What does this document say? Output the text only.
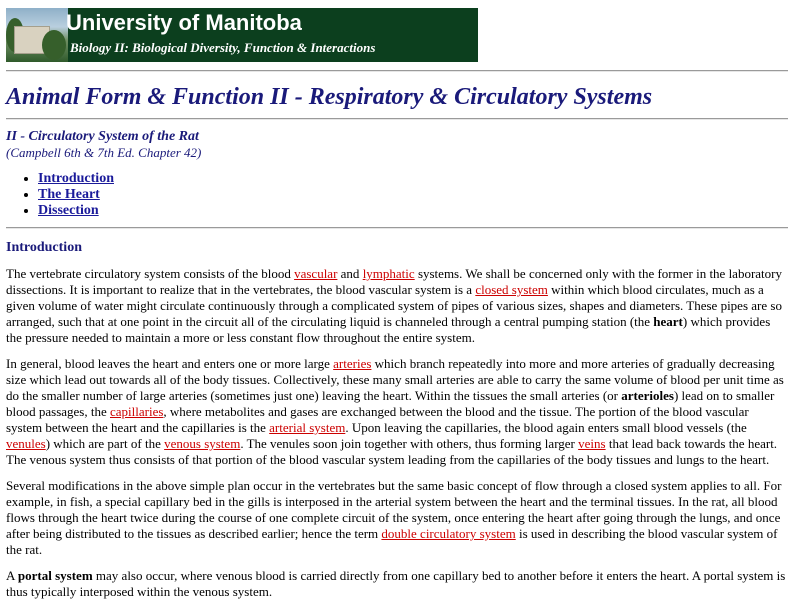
University of Manitoba
Biology II: Biological Diversity, Function & Interactions
Animal Form & Function II - Respiratory & Circulatory Systems
II - Circulatory System of the Rat
(Campbell 6th & 7th Ed. Chapter 42)
• Introduction
• The Heart
• Dissection
Introduction

The vertebrate circulatory system consists of the blood vascular and lymphatic systems. We shall be concerned only with the former in the laboratory dissections. It is important to realize that in the vertebrates, the blood vascular system is a closed system within which blood circulates, much as a given volume of water might circulate continuously through a complicated system of pipes of various sizes, shapes and diameters. These pipes are so arranged, such that at one point in the circuit all of the circulating liquid is channeled through a central pumping station (the heart) which provides the pressure needed to maintain a more or less constant flow throughout the entire system.

In general, blood leaves the heart and enters one or more large arteries which branch repeatedly into more and more arteries of gradually decreasing size which lead out towards all of the body tissues. Collectively, these many small arteries are able to carry the same volume of blood per unit time as do the smaller number of large arteries (sometimes just one) leaving the heart. Within the tissues the small arteries (or arterioles) lead on to smaller blood passages, the capillaries, where metabolites and gases are exchanged between the blood and the tissue. The portion of the blood vascular system between the heart and the capillaries is the arterial system. Upon leaving the capillaries, the blood again enters small blood vessels (the venules) which are part of the venous system. The venules soon join together with others, thus forming larger veins that lead back towards the heart. The venous system thus consists of that portion of the blood vascular system leading from the capillaries of the body tissues and lungs to the heart.

Several modifications in the above simple plan occur in the vertebrates but the same basic concept of flow through a closed system applies to all. For example, in fish, a special capillary bed in the gills is interposed in the arterial system between the heart and the terminal tissues. In the rat, all blood flows through the heart twice during the course of one complete circuit of the system, once entering the heart after going through the lungs, and once after being distributed to the tissues as described earlier; hence the term double circulatory system is used in describing the blood vascular system of the rat.

A portal system may also occur, where venous blood is carried directly from one capillary bed to another before it enters the heart. A portal system is thus typically interposed within the venous system.
